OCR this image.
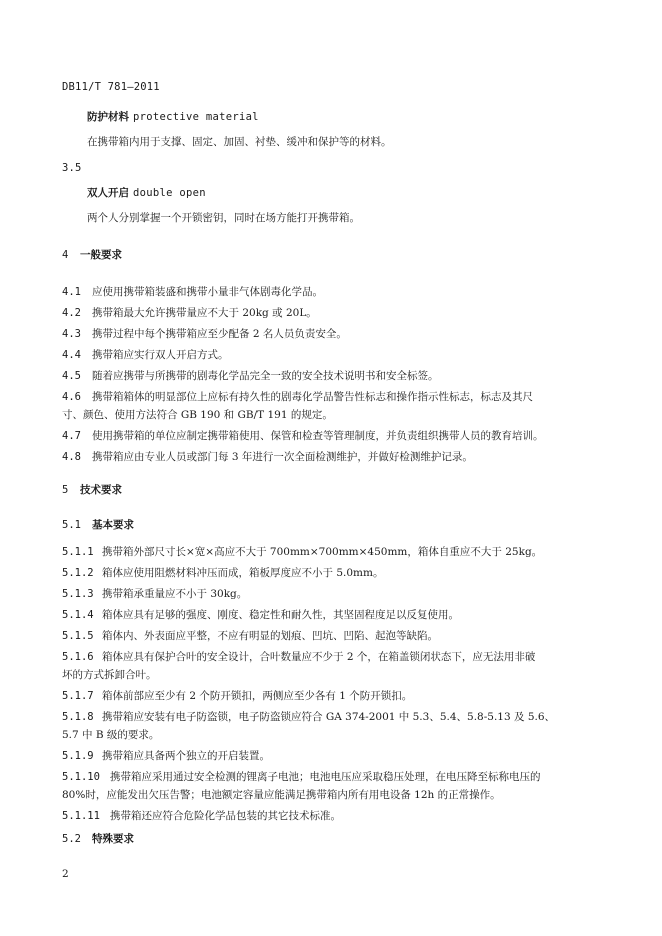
DB11/T 781—2011
防护材料 protective material
在携带箱内用于支撑、固定、加固、衬垫、缓冲和保护等的材料。
3.5
双人开启 double open
两个人分别掌握一个开锁密钥，同时在场方能打开携带箱。
4 一般要求
4.1 应使用携带箱装盛和携带小量非气体剧毒化学品。
4.2 携带箱最大允许携带量应不大于 20kg 或 20L。
4.3 携带过程中每个携带箱应至少配备 2 名人员负责安全。
4.4 携带箱应实行双人开启方式。
4.5 随着应携带与所携带的剧毒化学品完全一致的安全技术说明书和安全标签。
4.6 携带箱箱体的明显部位上应标有持久性的剧毒化学品警告性标志和操作指示性标志，标志及其尺
寸、颜色、使用方法符合 GB 190 和 GB/T 191 的规定。
4.7 使用携带箱的单位应制定携带箱使用、保管和检查等管理制度，并负责组织携带人员的教育培训。
4.8 携带箱应由专业人员或部门每 3 年进行一次全面检测维护，并做好检测维护记录。
5 技术要求
5.1 基本要求
5.1.1 携带箱外部尺寸长×宽×高应不大于 700mm×700mm×450mm，箱体自重应不大于 25kg。
5.1.2 箱体应使用阻燃材料冲压而成，箱板厚度应不小于 5.0mm。
5.1.3 携带箱承重量应不小于 30kg。
5.1.4 箱体应具有足够的强度、刚度、稳定性和耐久性，其坚固程度足以反复使用。
5.1.5 箱体内、外表面应平整，不应有明显的划痕、凹坑、凹陷、起泡等缺陷。
5.1.6 箱体应具有保护合叶的安全设计，合叶数量应不少于 2 个，在箱盖锁闭状态下，应无法用非破
坏的方式拆卸合叶。
5.1.7 箱体前部应至少有 2 个防开锁扣，两侧应至少各有 1 个防开锁扣。
5.1.8 携带箱应安装有电子防盗锁，电子防盗锁应符合 GA 374-2001 中 5.3、5.4、5.8-5.13 及 5.6、
5.7 中 B 级的要求。
5.1.9 携带箱应具备两个独立的开启装置。
5.1.10 携带箱应采用通过安全检测的锂离子电池；电池电压应采取稳压处理，在电压降至标称电压的
80%时，应能发出欠压告警；电池额定容量应能满足携带箱内所有用电设备 12h 的正常操作。
5.1.11 携带箱还应符合危险化学品包装的其它技术标准。
5.2 特殊要求
2
